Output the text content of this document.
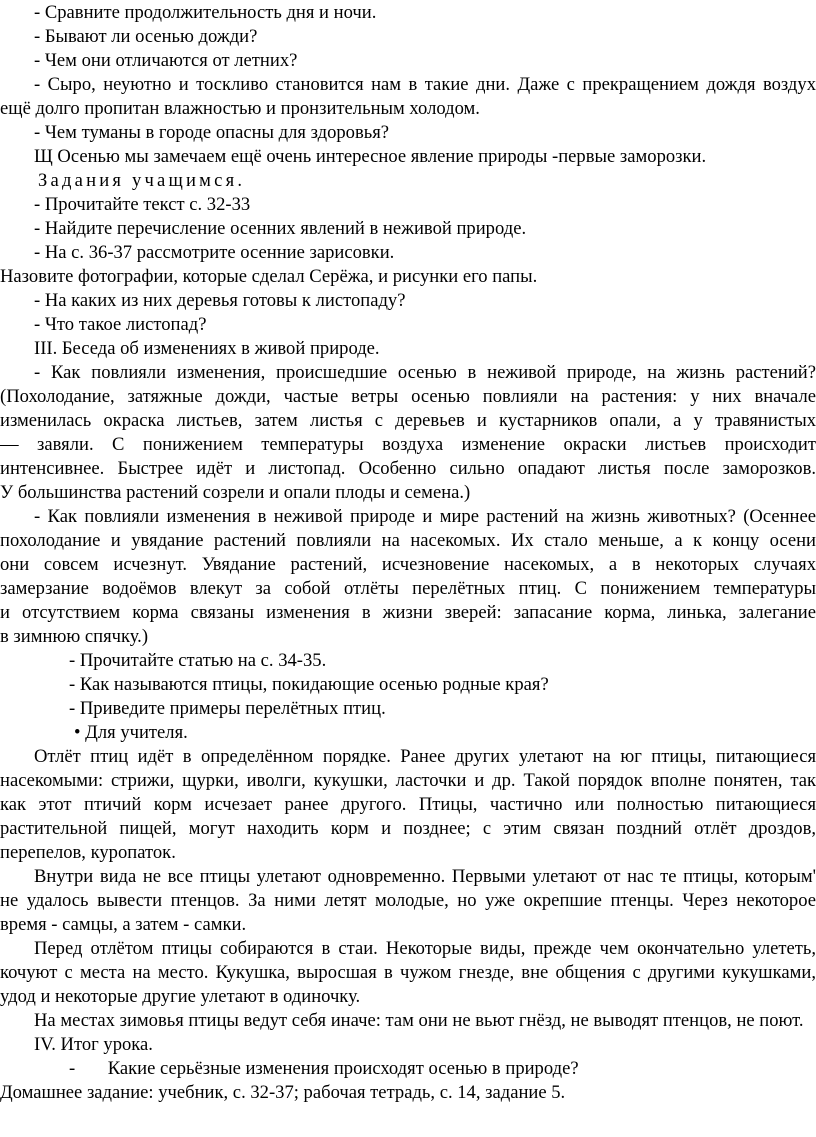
- Сравните продолжительность дня и ночи.

- Бывают ли осенью дожди?

- Чем они отличаются от летних?

- Сыро, неуютно и тоскливо становится нам в такие дни. Даже с прекращением дождя воздух

ещё долго пропитан влажностью и пронзительным холодом.

- Чем туманы в городе опасны для здоровья?

Щ Осенью мы замечаем ещё очень интересное явление природы -первые заморозки.

Задания учащимся.

- Прочитайте текст с. 32-33

- Найдите перечисление осенних явлений в неживой природе.

- На с. 36-37 рассмотрите осенние зарисовки.

Назовите фотографии, которые сделал Серёжа, и рисунки его папы.

- На каких из них деревья готовы к листопаду?

- Что такое листопад?

III. Беседа об изменениях в живой природе.

- Как повлияли изменения, происшедшие осенью в неживой природе, на жизнь растений?

(Похолодание, затяжные дожди, частые ветры осенью повлияли на растения: у них вначале

изменилась окраска листьев, затем листья с деревьев и кустарников опали, а у травянистых

— завяли. С понижением температуры воздуха изменение окраски листьев происходит

интенсивнее. Быстрее идёт и листопад. Особенно сильно опадают листья после заморозков.

У большинства растений созрели и опали плоды и семена.)

- Как повлияли изменения в неживой природе и мире растений на жизнь животных? (Осеннее

похолодание и увядание растений повлияли на насекомых. Их стало меньше, а к концу осени

они совсем исчезнут. Увядание растений, исчезновение насекомых, а в некоторых случаях

замерзание водоёмов влекут за собой отлёты перелётных птиц. С понижением температуры

и отсутствием корма связаны изменения в жизни зверей: запасание корма, линька, залегание

в зимнюю спячку.)

- Прочитайте статью на с. 34-35.

- Как называются птицы, покидающие осенью родные края?

- Приведите примеры перелётных птиц.

• Для учителя.

Отлёт птиц идёт в определённом порядке. Ранее других улетают на юг птицы, питающиеся

насекомыми: стрижи, щурки, иволги, кукушки, ласточки и др. Такой порядок вполне понятен, так

как этот птичий корм исчезает ранее другого. Птицы, частично или полностью питающиеся

растительной пищей, могут находить корм и позднее; с этим связан поздний отлёт дроздов,

перепелов, куропаток.

Внутри вида не все птицы улетают одновременно. Первыми улетают от нас те птицы, которым'

не удалось вывести птенцов. За ними летят молодые, но уже окрепшие птенцы. Через некоторое

время - самцы, а затем - самки.

Перед отлётом птицы собираются в стаи. Некоторые виды, прежде чем окончательно улететь,

кочуют с места на место. Кукушка, выросшая в чужом гнезде, вне общения с другими кукушками,

удод и некоторые другие улетают в одиночку.

На местах зимовья птицы ведут себя иначе: там они не вьют гнёзд, не выводят птенцов, не поют.

IV. Итог урока.

-       Какие серьёзные изменения происходят осенью в природе?

Домашнее задание: учебник, с. 32-37; рабочая тетрадь, с. 14, задание 5.
